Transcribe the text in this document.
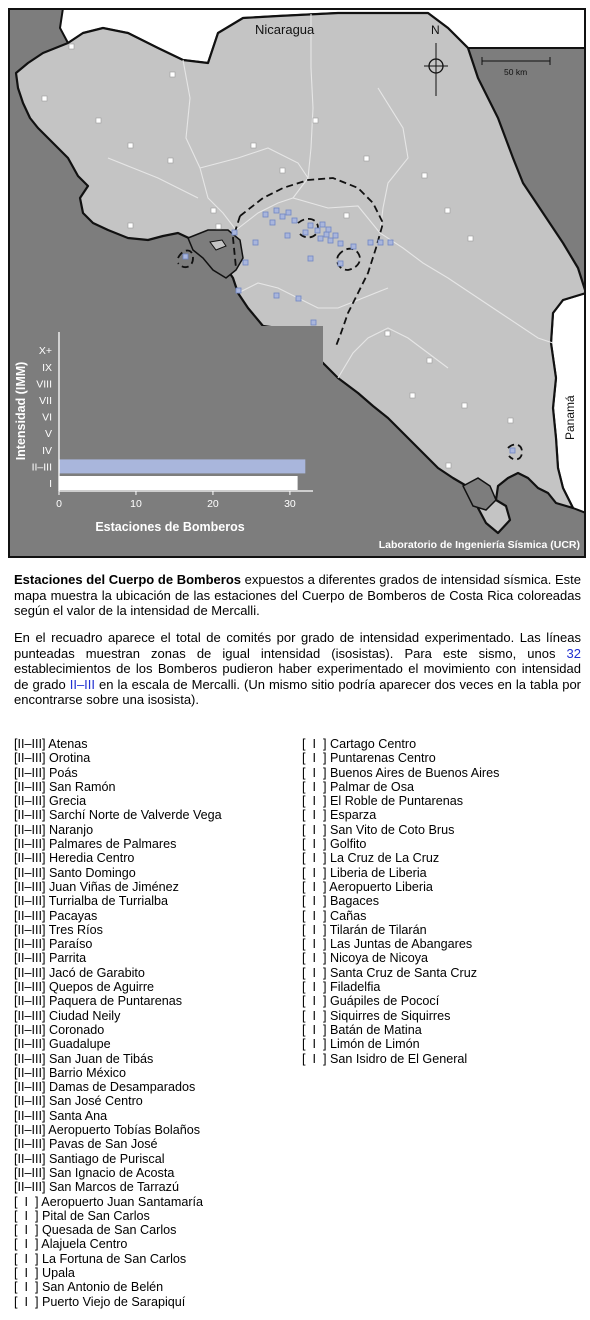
Intensidad (IMM)
Estaciones de Bomberos
I
II–III
IV
V
VI
VII
VIII
IX
X+
0	10	20	30
Nicaragua
Panamá
N
50 km
Laboratorio de Ingeniería Sísmica (UCR)

Estaciones del Cuerpo de Bomberos expuestos a diferentes grados de intensidad sísmica. Este mapa muestra la ubicación de las estaciones del Cuerpo de Bomberos de Costa Rica coloreadas según el valor de la intensidad de Mercalli.

En el recuadro aparece el total de comités por grado de intensidad experimentado. Las líneas punteadas muestran zonas de igual intensidad (isosistas). Para este sismo, unos 32 establecimientos de los Bomberos pudieron haber experimentado el movimiento con intensidad de grado II–III en la escala de Mercalli. (Un mismo sitio podría aparecer dos veces en la tabla por encontrarse sobre una isosista).

[II–III] Atenas
[II–III] Orotina
[II–III] Poás
[II–III] San Ramón
[II–III] Grecia
[II–III] Sarchí Norte de Valverde Vega
[II–III] Naranjo
[II–III] Palmares de Palmares
[II–III] Heredia Centro
[II–III] Santo Domingo
[II–III] Juan Viñas de Jiménez
[II–III] Turrialba de Turrialba
[II–III] Pacayas
[II–III] Tres Ríos
[II–III] Paraíso
[II–III] Parrita
[II–III] Jacó de Garabito
[II–III] Quepos de Aguirre
[II–III] Paquera de Puntarenas
[II–III] Ciudad Neily
[II–III] Coronado
[II–III] Guadalupe
[II–III] San Juan de Tibás
[II–III] Barrio México
[II–III] Damas de Desamparados
[II–III] San José Centro
[II–III] Santa Ana
[II–III] Aeropuerto Tobías Bolaños
[II–III] Pavas de San José
[II–III] Santiago de Puriscal
[II–III] San Ignacio de Acosta
[II–III] San Marcos de Tarrazú
[  I  ] Aeropuerto Juan Santamaría
[  I  ] Pital de San Carlos
[  I  ] Quesada de San Carlos
[  I  ] Alajuela Centro
[  I  ] La Fortuna de San Carlos
[  I  ] Upala
[  I  ] San Antonio de Belén
[  I  ] Puerto Viejo de Sarapiquí
[  I  ] Cartago Centro
[  I  ] Puntarenas Centro
[  I  ] Buenos Aires de Buenos Aires
[  I  ] Palmar de Osa
[  I  ] El Roble de Puntarenas
[  I  ] Esparza
[  I  ] San Vito de Coto Brus
[  I  ] Golfito
[  I  ] La Cruz de La Cruz
[  I  ] Liberia de Liberia
[  I  ] Aeropuerto Liberia
[  I  ] Bagaces
[  I  ] Cañas
[  I  ] Tilarán de Tilarán
[  I  ] Las Juntas de Abangares
[  I  ] Nicoya de Nicoya
[  I  ] Santa Cruz de Santa Cruz
[  I  ] Filadelfia
[  I  ] Guápiles de Pococí
[  I  ] Siquirres de Siquirres
[  I  ] Batán de Matina
[  I  ] Limón de Limón
[  I  ] San Isidro de El General
